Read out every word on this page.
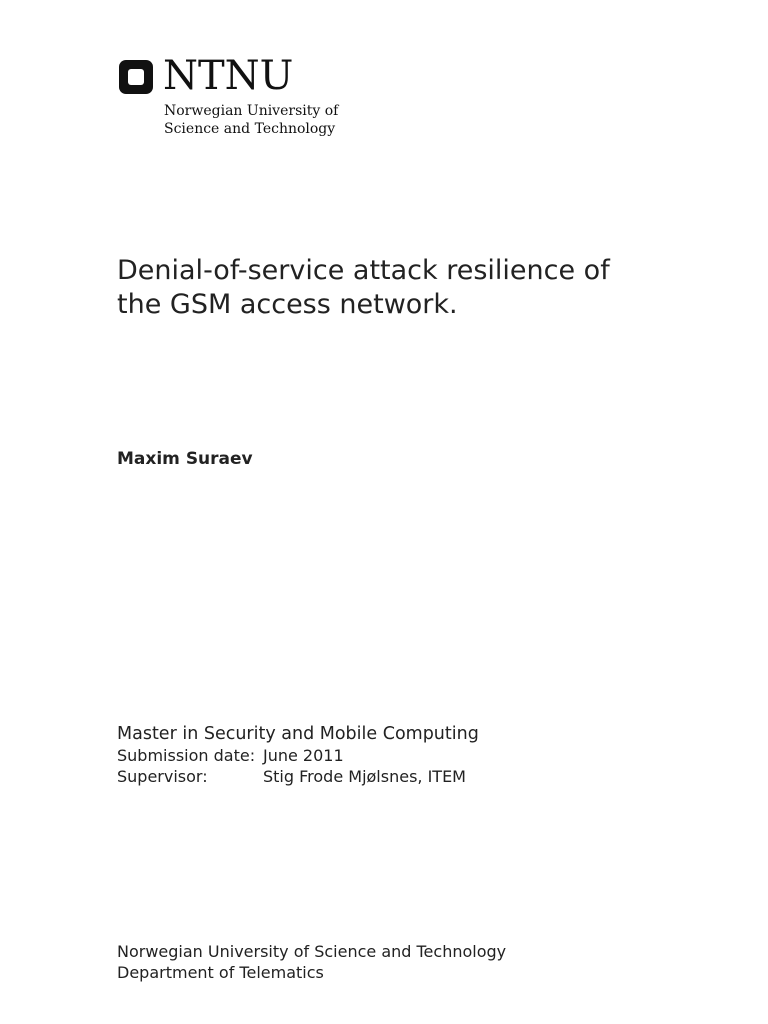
NTNU
Norwegian University of
Science and Technology
Denial-of-service attack resilience of
the GSM access network.
Maxim Suraev
Master in Security and Mobile Computing
Submission date: June 2011
Supervisor:	Stig Frode Mjølsnes, ITEM
Norwegian University of Science and Technology
Department of Telematics
